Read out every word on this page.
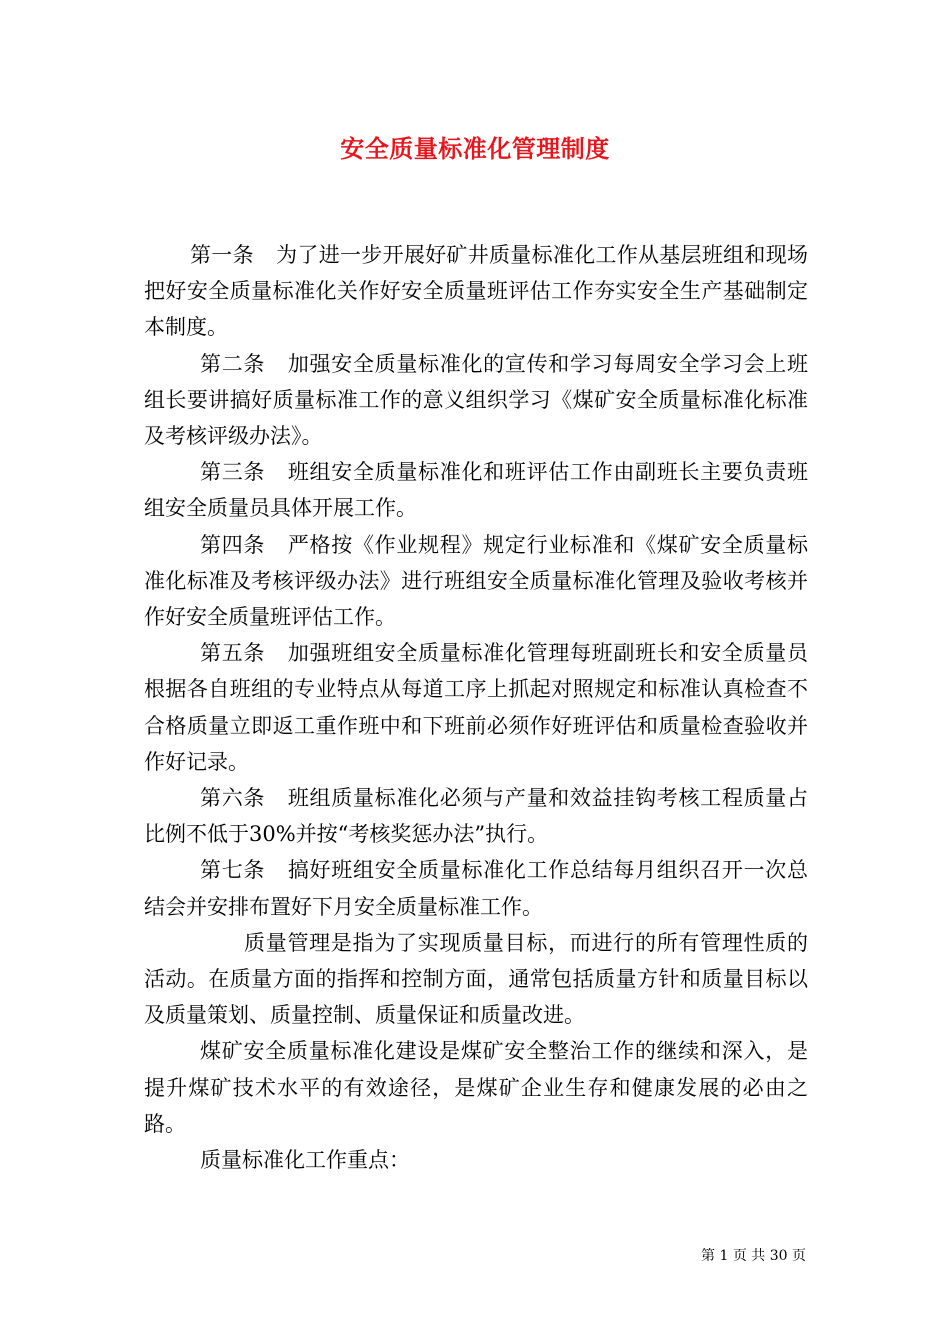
安全质量标准化管理制度

第一条 为了进一步开展好矿井质量标准化工作从基层班组和现场把好安全质量标准化关作好安全质量班评估工作夯实安全生产基础制定本制度。

第二条 加强安全质量标准化的宣传和学习每周安全学习会上班组长要讲搞好质量标准工作的意义组织学习《煤矿安全质量标准化标准及考核评级办法》。

第三条 班组安全质量标准化和班评估工作由副班长主要负责班组安全质量员具体开展工作。

第四条 严格按《作业规程》规定行业标准和《煤矿安全质量标准化标准及考核评级办法》进行班组安全质量标准化管理及验收考核并作好安全质量班评估工作。

第五条 加强班组安全质量标准化管理每班副班长和安全质量员根据各自班组的专业特点从每道工序上抓起对照规定和标准认真检查不合格质量立即返工重作班中和下班前必须作好班评估和质量检查验收并作好记录。

第六条 班组质量标准化必须与产量和效益挂钩考核工程质量占比例不低于30%并按“考核奖惩办法”执行。

第七条 搞好班组安全质量标准化工作总结每月组织召开一次总结会并安排布置好下月安全质量标准工作。

质量管理是指为了实现质量目标，而进行的所有管理性质的活动。在质量方面的指挥和控制方面，通常包括质量方针和质量目标以及质量策划、质量控制、质量保证和质量改进。

煤矿安全质量标准化建设是煤矿安全整治工作的继续和深入，是提升煤矿技术水平的有效途径，是煤矿企业生存和健康发展的必由之路。

质量标准化工作重点：

第 1 页 共 30 页
